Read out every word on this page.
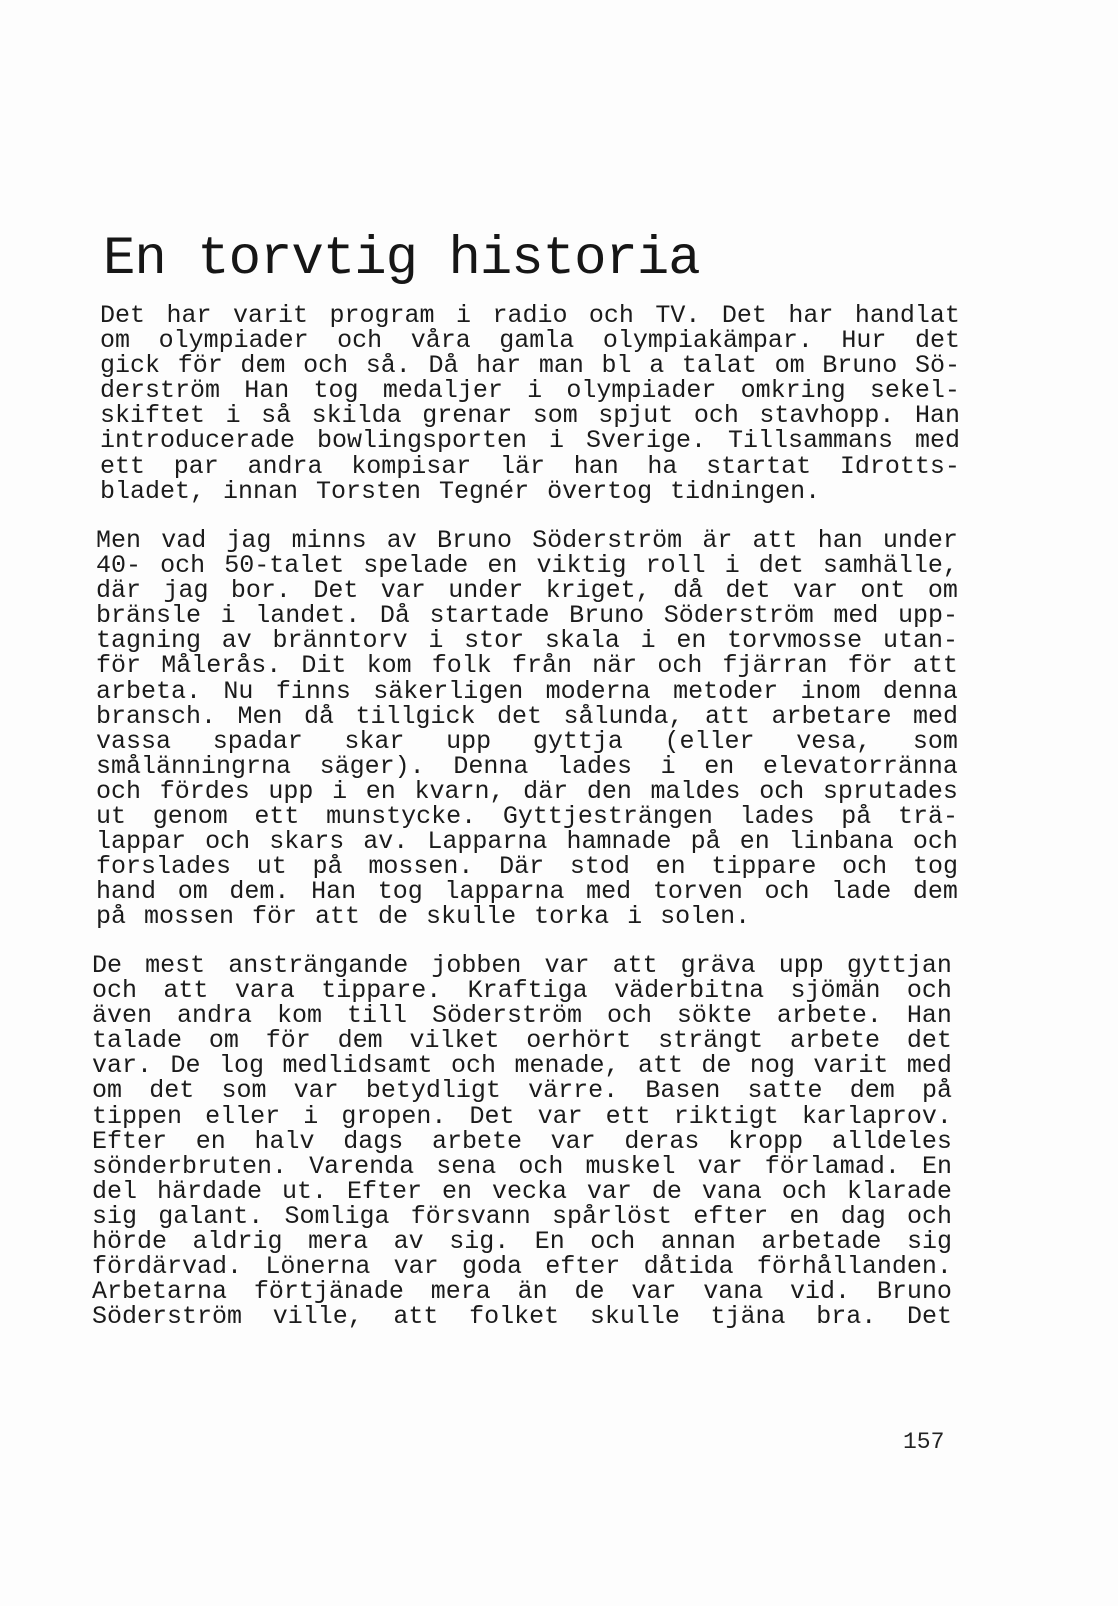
En torvtig historia
Det har varit program i radio och TV. Det har handlat
om olympiader och våra gamla olympiakämpar. Hur det
gick för dem och så. Då har man bl a talat om Bruno Sö-
derström Han tog medaljer i olympiader omkring sekel-
skiftet i så skilda grenar som spjut och stavhopp. Han
introducerade bowlingsporten i Sverige. Tillsammans med
ett par andra kompisar lär han ha startat Idrotts-
bladet, innan Torsten Tegnér övertog tidningen.
Men vad jag minns av Bruno Söderström är att han under
40- och 50-talet spelade en viktig roll i det samhälle,
där jag bor. Det var under kriget, då det var ont om
bränsle i landet. Då startade Bruno Söderström med upp-
tagning av bränntorv i stor skala i en torvmosse utan-
för Målerås. Dit kom folk från när och fjärran för att
arbeta. Nu finns säkerligen moderna metoder inom denna
bransch. Men då tillgick det sålunda, att arbetare med
vassa spadar skar upp gyttja (eller vesa, som
smålänningrna säger). Denna lades i en elevatorränna
och fördes upp i en kvarn, där den maldes och sprutades
ut genom ett munstycke. Gyttjesträngen lades på trä-
lappar och skars av. Lapparna hamnade på en linbana och
forslades ut på mossen. Där stod en tippare och tog
hand om dem. Han tog lapparna med torven och lade dem
på mossen för att de skulle torka i solen.
De mest ansträngande jobben var att gräva upp gyttjan
och att vara tippare. Kraftiga väderbitna sjömän och
även andra kom till Söderström och sökte arbete. Han
talade om för dem vilket oerhört strängt arbete det
var. De log medlidsamt och menade, att de nog varit med
om det som var betydligt värre. Basen satte dem på
tippen eller i gropen. Det var ett riktigt karlaprov.
Efter en halv dags arbete var deras kropp alldeles
sönderbruten. Varenda sena och muskel var förlamad. En
del härdade ut. Efter en vecka var de vana och klarade
sig galant. Somliga försvann spårlöst efter en dag och
hörde aldrig mera av sig. En och annan arbetade sig
fördärvad. Lönerna var goda efter dåtida förhållanden.
Arbetarna förtjänade mera än de var vana vid. Bruno
Söderström ville, att folket skulle tjäna bra. Det
157
